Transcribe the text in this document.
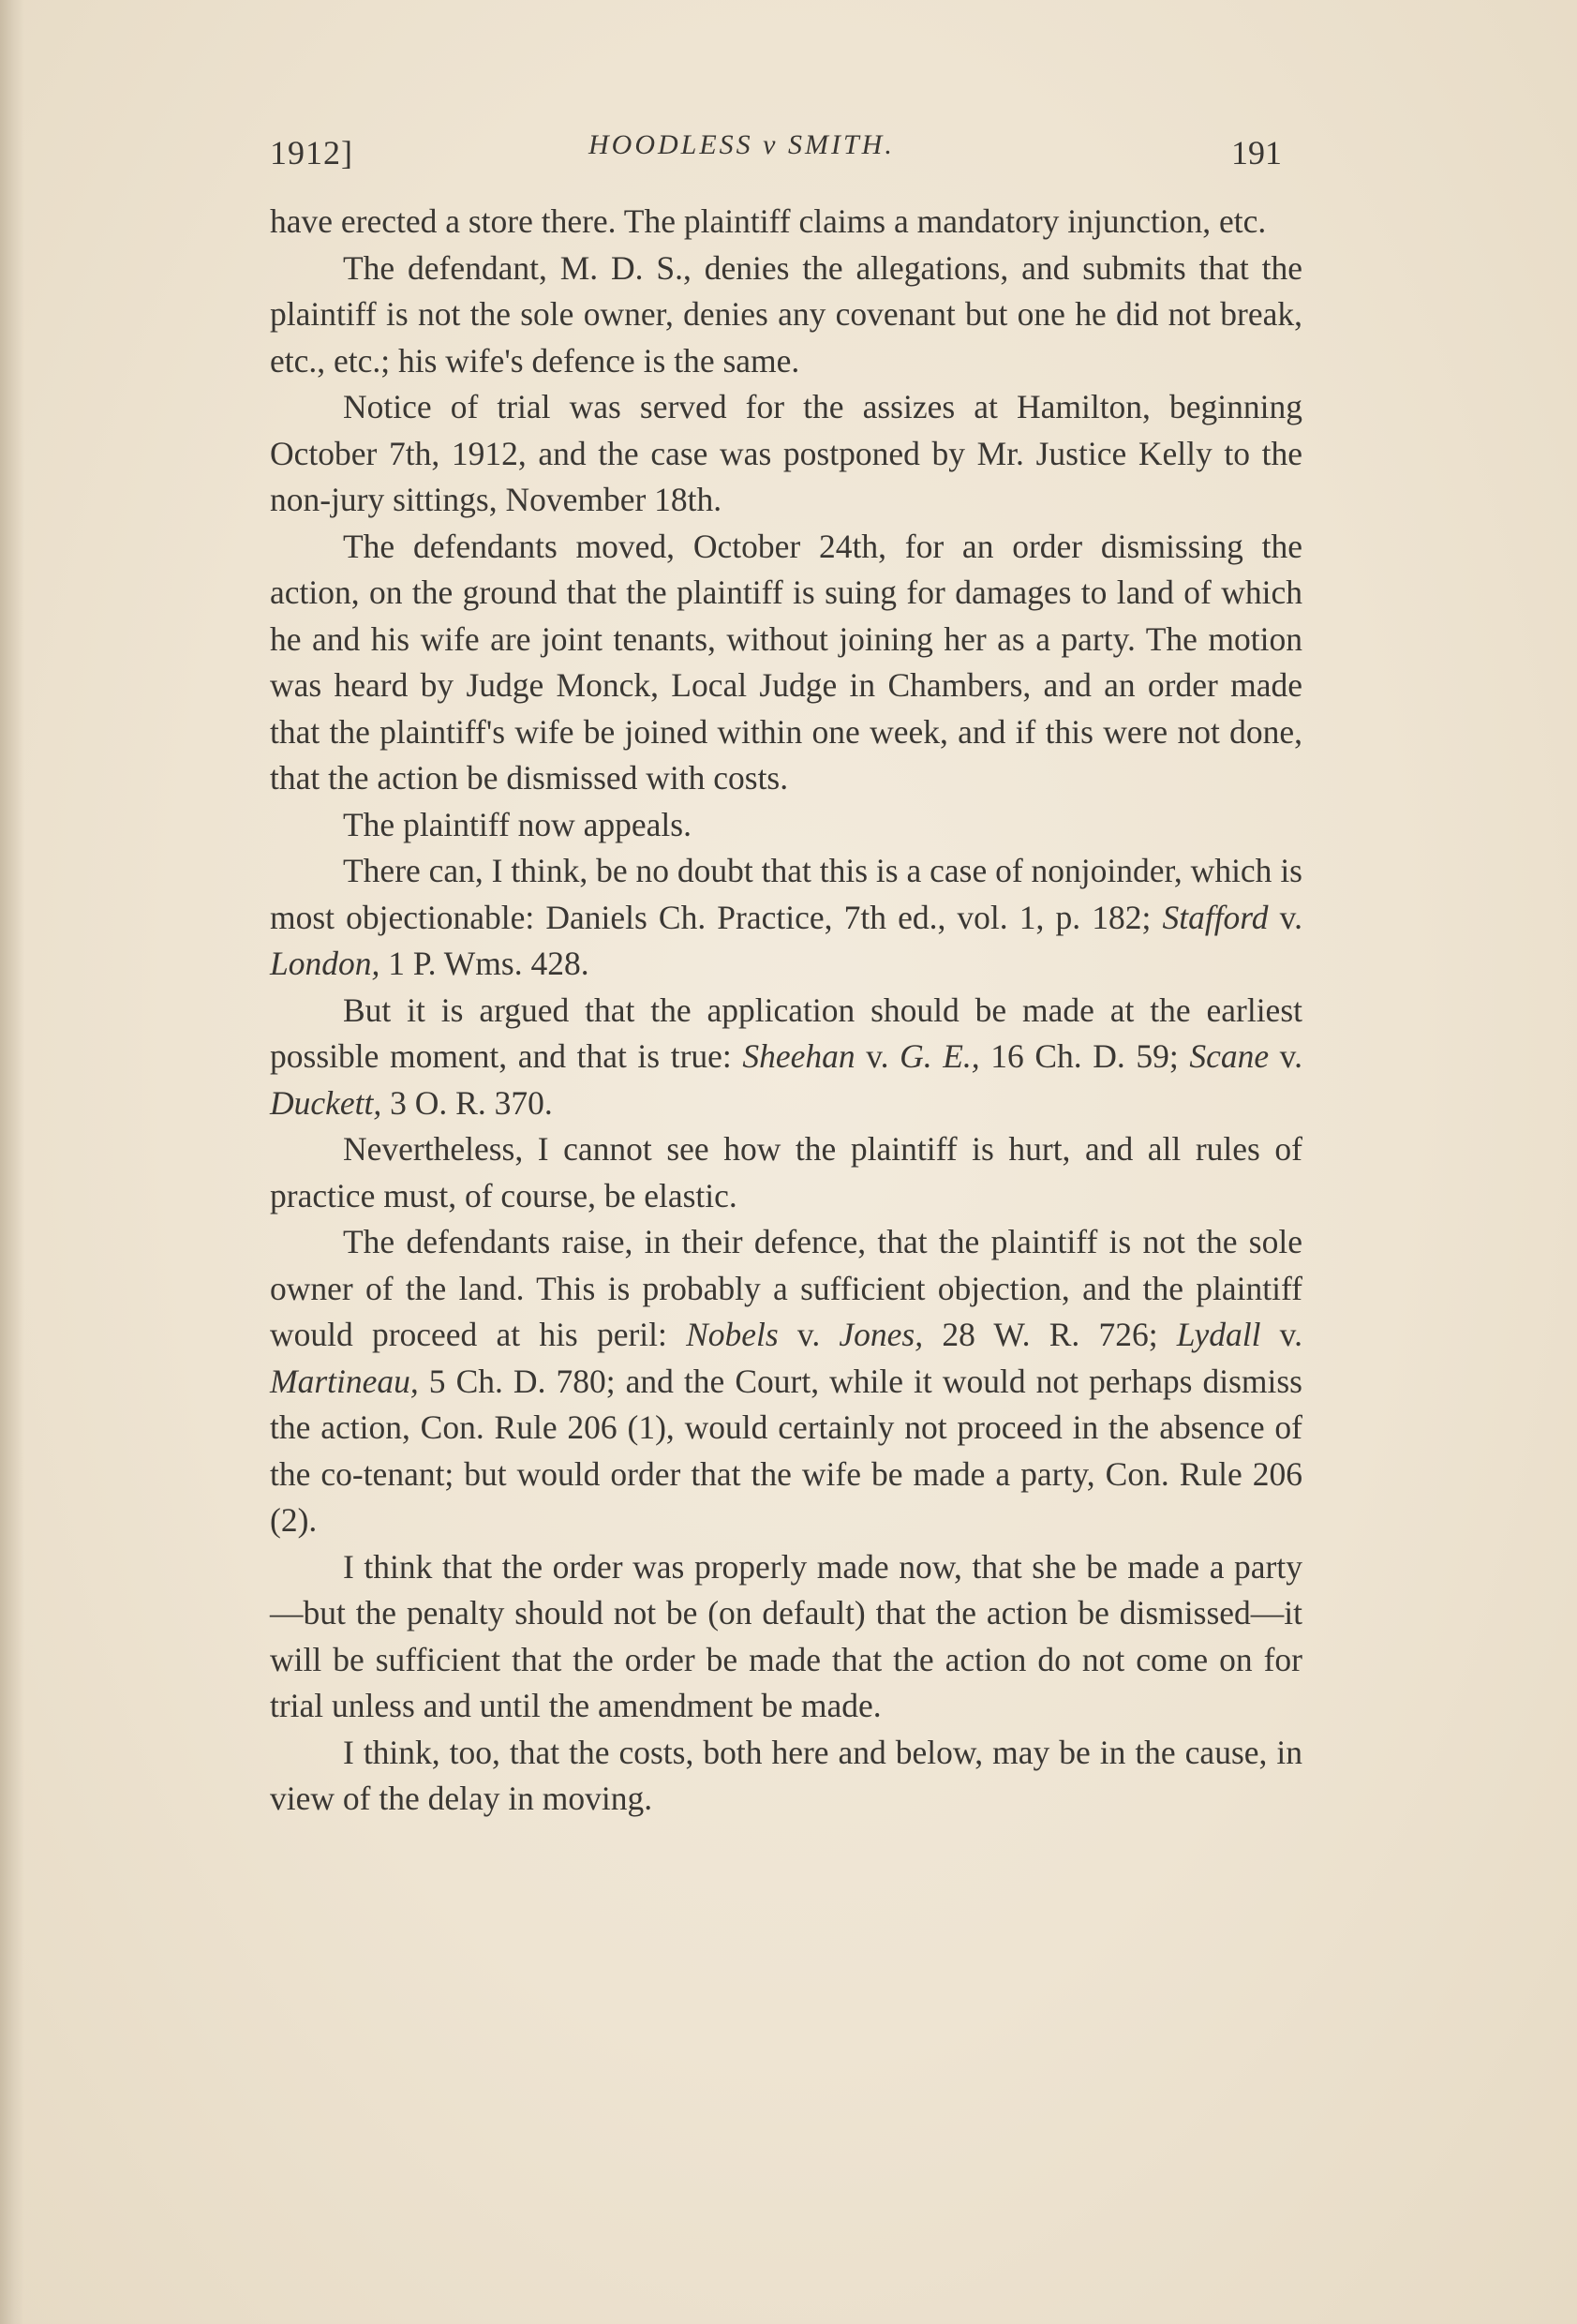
1912]	HOODLESS v SMITH.	191

have erected a store there. The plaintiff claims a mandatory injunction, etc.

The defendant, M. D. S., denies the allegations, and submits that the plaintiff is not the sole owner, denies any covenant but one he did not break, etc., etc.; his wife's defence is the same.

Notice of trial was served for the assizes at Hamilton, beginning October 7th, 1912, and the case was postponed by Mr. Justice Kelly to the non-jury sittings, November 18th.

The defendants moved, October 24th, for an order dismissing the action, on the ground that the plaintiff is suing for damages to land of which he and his wife are joint tenants, without joining her as a party. The motion was heard by Judge Monck, Local Judge in Chambers, and an order made that the plaintiff's wife be joined within one week, and if this were not done, that the action be dismissed with costs.

The plaintiff now appeals.

There can, I think, be no doubt that this is a case of nonjoinder, which is most objectionable: Daniels Ch. Practice, 7th ed., vol. 1, p. 182; Stafford v. London, 1 P. Wms. 428.

But it is argued that the application should be made at the earliest possible moment, and that is true: Sheehan v. G. E., 16 Ch. D. 59; Scane v. Duckett, 3 O. R. 370.

Nevertheless, I cannot see how the plaintiff is hurt, and all rules of practice must, of course, be elastic.

The defendants raise, in their defence, that the plaintiff is not the sole owner of the land. This is probably a sufficient objection, and the plaintiff would proceed at his peril: Nobels v. Jones, 28 W. R. 726; Lydall v. Martineau, 5 Ch. D. 780; and the Court, while it would not perhaps dismiss the action, Con. Rule 206 (1), would certainly not proceed in the absence of the co-tenant; but would order that the wife be made a party, Con. Rule 206 (2).

I think that the order was properly made now, that she be made a party—but the penalty should not be (on default) that the action be dismissed—it will be sufficient that the order be made that the action do not come on for trial unless and until the amendment be made.

I think, too, that the costs, both here and below, may be in the cause, in view of the delay in moving.
